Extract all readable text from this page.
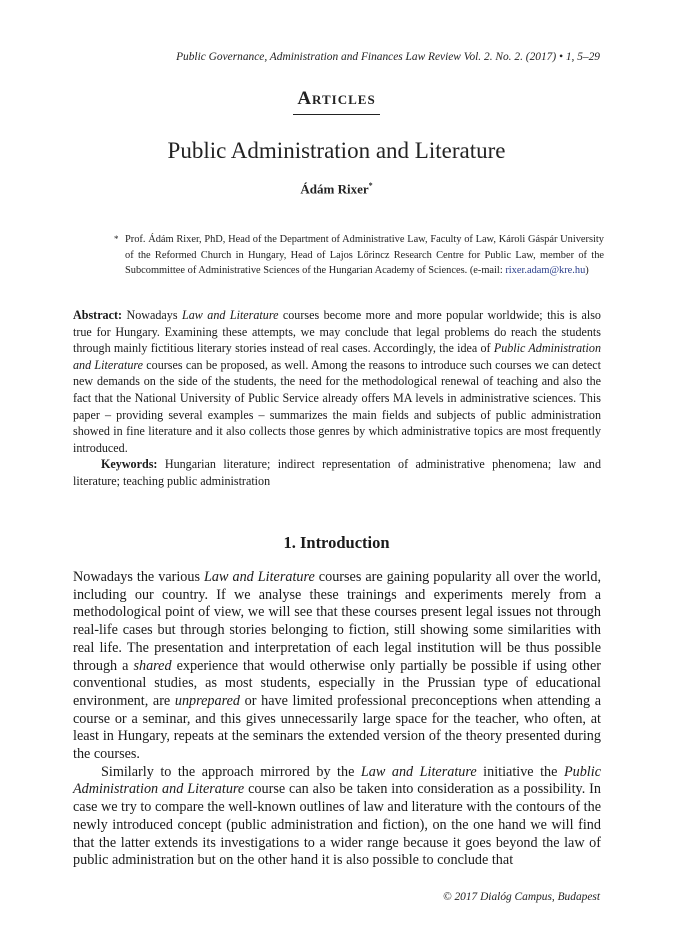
Public Governance, Administration and Finances Law Review Vol. 2. No. 2. (2017) • 1, 5–29
Articles
Public Administration and Literature
Ádám Rixer*
* Prof. Ádám Rixer, PhD, Head of the Department of Administrative Law, Faculty of Law, Károli Gáspár University of the Reformed Church in Hungary, Head of Lajos Lőrincz Research Centre for Public Law, member of the Subcommittee of Administrative Sciences of the Hungarian Academy of Sciences. (e-mail: rixer.adam@kre.hu)

Abstract: Nowadays Law and Literature courses become more and more popular worldwide; this is also true for Hungary. Examining these attempts, we may conclude that legal problems do reach the students through mainly fictitious literary stories instead of real cases. Accordingly, the idea of Public Administration and Literature courses can be proposed, as well. Among the reasons to introduce such courses we can detect new demands on the side of the students, the need for the methodological renewal of teaching and also the fact that the National University of Public Service already offers MA levels in administrative sciences. This paper – providing several examples – summarizes the main fields and subjects of public administration showed in fine literature and it also collects those genres by which administrative topics are most frequently introduced.

Keywords: Hungarian literature; indirect representation of administrative phenomena; law and literature; teaching public administration

1. Introduction

Nowadays the various Law and Literature courses are gaining popularity all over the world, including our country. If we analyse these trainings and experiments merely from a methodological point of view, we will see that these courses present legal issues not through real-life cases but through stories belonging to fiction, still showing some similarities with real life. The presentation and interpretation of each legal institution will be thus possible through a shared experience that would otherwise only partially be possible if using other conventional studies, as most students, especially in the Prussian type of educational environment, are unprepared or have limited professional preconceptions when attending a course or a seminar, and this gives unnecessarily large space for the teacher, who often, at least in Hungary, repeats at the seminars the extended version of the theory presented during the courses.

Similarly to the approach mirrored by the Law and Literature initiative the Public Administration and Literature course can also be taken into consideration as a possibility. In case we try to compare the well-known outlines of law and literature with the contours of the newly introduced concept (public administration and fiction), on the one hand we will find that the latter extends its investigations to a wider range because it goes beyond the law of public administration but on the other hand it is also possible to conclude that

© 2017 Dialóg Campus, Budapest
